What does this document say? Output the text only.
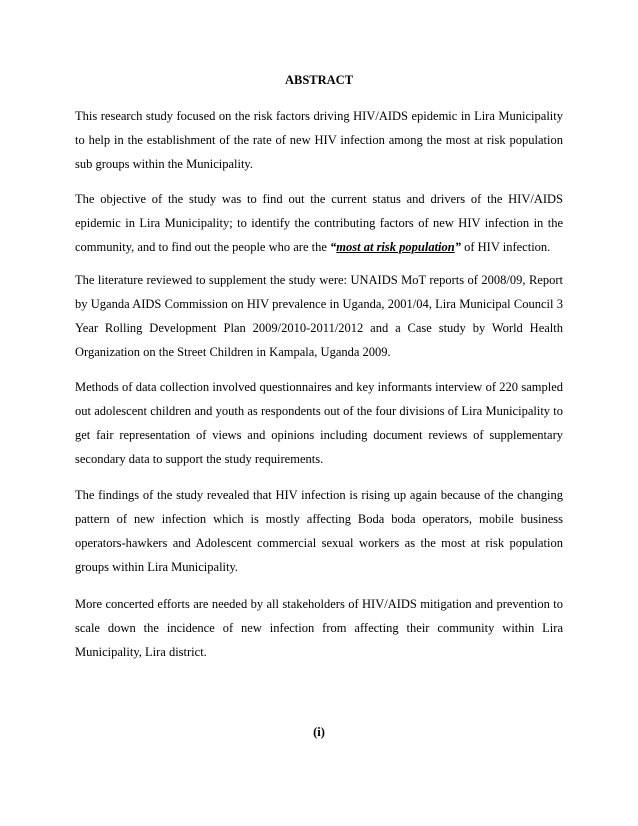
ABSTRACT
This research study focused on the risk factors driving HIV/AIDS epidemic in Lira Municipality
to help in the establishment of the rate of new HIV infection among the most at risk population
sub groups within the Municipality.
The objective of the study was to find out the current status and drivers of the HIV/AIDS
epidemic in Lira Municipality; to identify the contributing factors of new HIV infection in the
community, and to find out the people who are the “most at risk population” of HIV infection.
The literature reviewed to supplement the study were: UNAIDS MoT reports of 2008/09, Report
by Uganda AIDS Commission on HIV prevalence in Uganda, 2001/04, Lira Municipal Council 3
Year Rolling Development Plan 2009/2010-2011/2012 and a Case study by World Health
Organization on the Street Children in Kampala, Uganda 2009.
Methods of data collection involved questionnaires and key informants interview of 220 sampled
out adolescent children and youth as respondents out of the four divisions of Lira Municipality to
get fair representation of views and opinions including document reviews of supplementary
secondary data to support the study requirements.
The findings of the study revealed that HIV infection is rising up again because of the changing
pattern of new infection which is mostly affecting Boda boda operators, mobile business
operators-hawkers and Adolescent commercial sexual workers as the most at risk population
groups within Lira Municipality.
More concerted efforts are needed by all stakeholders of HIV/AIDS mitigation and prevention to
scale down the incidence of new infection from affecting their community within Lira
Municipality, Lira district.
(i)
